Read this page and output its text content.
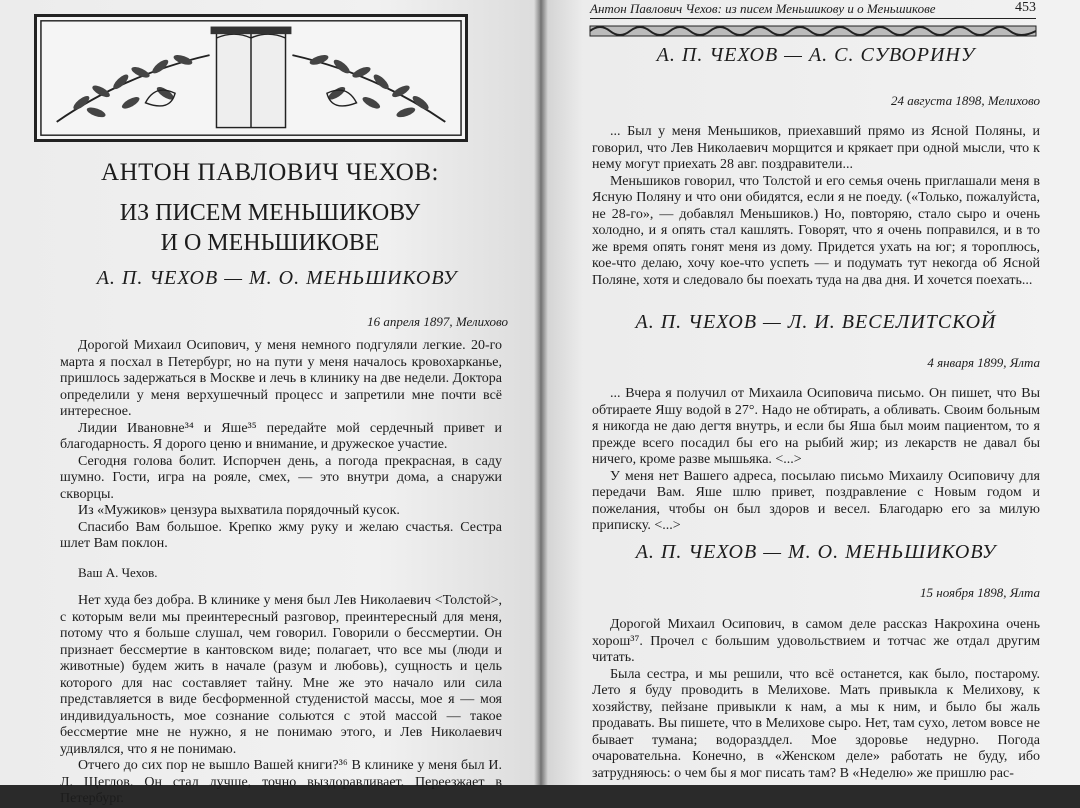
АНТОН ПАВЛОВИЧ ЧЕХОВ:
ИЗ ПИСЕМ МЕНЬШИКОВУ
И О МЕНЬШИКОВЕ
А. П. ЧЕХОВ — М. О. МЕНЬШИКОВУ
16 апреля 1897, Мелихово

Дорогой Михаил Осипович, у меня немного подгуляли легкие. 20-го марта я посхал в Петербург, но на пути у меня началось кровохарканье, пришлось задержаться в Москве и лечь в клинику на две недели. Доктора определили у меня верхушечный процесс и запретили мне почти всё интересное.

Лидии Ивановне³⁴ и Яше³⁵ передайте мой сердечный привет и благодарность. Я дорого ценю и внимание, и дружеское участие.

Сегодня голова болит. Испорчен день, а погода прекрасная, в саду шумно. Гости, игра на рояле, смех, — это внутри дома, а снаружи скворцы.

Из «Мужиков» цензура выхватила порядочный кусок.

Спасибо Вам большое. Крепко жму руку и желаю счастья. Сестра шлет Вам поклон.

Ваш А. Чехов.

Нет худа без добра. В клинике у меня был Лев Николаевич <Толстой>, с которым вели мы преинтересный разговор, преинтересный для меня, потому что я больше слушал, чем говорил. Говорили о бессмертии. Он признает бессмертие в кантовском виде; полагает, что все мы (люди и животные) будем жить в начале (разум и любовь), сущность и цель которого для нас составляет тайну. Мне же это начало или сила представляется в виде бесформенной студенистой массы, мое я — моя индивидуальность, мое сознание сольются с этой массой — такое бессмертие мне не нужно, я не понимаю этого, и Лев Николаевич удивлялся, что я не понимаю.

Отчего до сих пор не вышло Вашей книги?³⁶ В клинике у меня был И. Л. Щеглов. Он стал лучше, точно выздоравливает. Переезжает в Петербург.

Антон Павлович Чехов: из писем Меньшикову и о Меньшикове	453
А. П. ЧЕХОВ — А. С. СУВОРИНУ
24 августа 1898, Мелихово

... Был у меня Меньшиков, приехавший прямо из Ясной Поляны, и говорил, что Лев Николаевич морщится и крякает при одной мысли, что к нему могут приехать 28 авг. поздравители...

Меньшиков говорил, что Толстой и его семья очень приглашали меня в Ясную Поляну и что они обидятся, если я не поеду. («Только, пожалуйста, не 28-го», — добавлял Меньшиков.) Но, повторяю, стало сыро и очень холодно, и я опять стал кашлять. Говорят, что я очень поправился, и в то же время опять гонят меня из дому. Придется ухать на юг; я тороплюсь, кое-что делаю, хочу кое-что успеть — и подумать тут некогда об Ясной Поляне, хотя и следовало бы поехать туда на два дня. И хочется поехать...

А. П. ЧЕХОВ — Л. И. ВЕСЕЛИТСКОЙ
4 января 1899, Ялта

... Вчера я получил от Михаила Осиповича письмо. Он пишет, что Вы обтираете Яшу водой в 27°. Надо не обтирать, а обливать. Своим больным я никогда не даю дегтя внутрь, и если бы Яша был моим пациентом, то я прежде всего посадил бы его на рыбий жир; из лекарств не давал бы ничего, кроме разве мышьяка. <...>

У меня нет Вашего адреса, посылаю письмо Михаилу Осиповичу для передачи Вам. Яше шлю привет, поздравление с Новым годом и пожелания, чтобы он был здоров и весел. Благодарю его за милую приписку. <...>

А. П. ЧЕХОВ — М. О. МЕНЬШИКОВУ
15 ноября 1898, Ялта

Дорогой Михаил Осипович, в самом деле рассказ Накрохина очень хорош³⁷. Прочел с большим удовольствием и тотчас же отдал другим читать.

Была сестра, и мы решили, что всё останется, как было, постарому. Лето я буду проводить в Мелихове. Мать привыкла к Мелихову, к хозяйству, пейзане привыкли к нам, а мы к ним, и было бы жаль продавать. Вы пишете, что в Мелихове сыро. Нет, там сухо, летом вовсе не бывает тумана; водоразддел. Мое здоровье недурно. Погода очаровательна. Конечно, в «Женском деле» работать не буду, ибо затрудняюсь: о чем бы я мог писать там? В «Неделю» же пришлю рас-
